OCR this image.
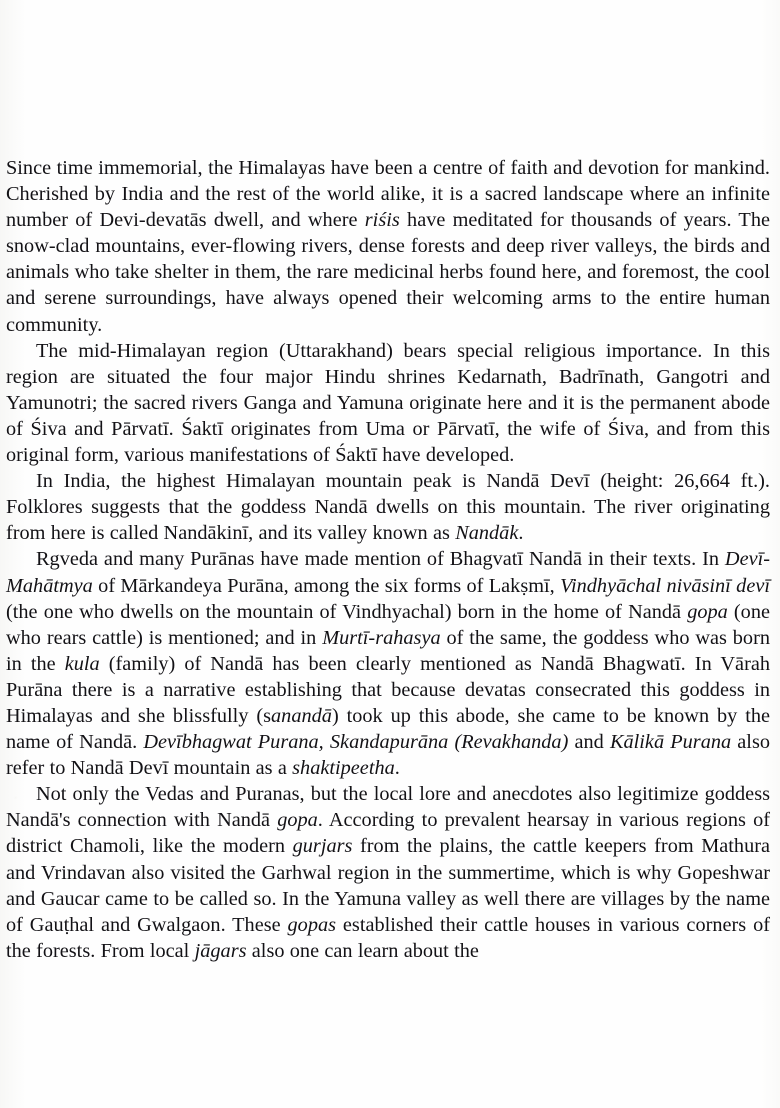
Since time immemorial, the Himalayas have been a centre of faith and devotion for mankind. Cherished by India and the rest of the world alike, it is a sacred landscape where an infinite number of Devi-devatās dwell, and where riśis have meditated for thousands of years. The snow-clad mountains, ever-flowing rivers, dense forests and deep river valleys, the birds and animals who take shelter in them, the rare medicinal herbs found here, and foremost, the cool and serene surroundings, have always opened their welcoming arms to the entire human community.

The mid-Himalayan region (Uttarakhand) bears special religious importance. In this region are situated the four major Hindu shrines Kedarnath, Badrīnath, Gangotri and Yamunotri; the sacred rivers Ganga and Yamuna originate here and it is the permanent abode of Śiva and Pārvatī. Śaktī originates from Uma or Pārvatī, the wife of Śiva, and from this original form, various manifestations of Śaktī have developed.

In India, the highest Himalayan mountain peak is Nandā Devī (height: 26,664 ft.). Folklores suggests that the goddess Nandā dwells on this mountain. The river originating from here is called Nandākinī, and its valley known as Nandāk.

Rgveda and many Purānas have made mention of Bhagvatī Nandā in their texts. In Devī-Mahātmya of Mārkandeya Purāna, among the six forms of Lakṣmī, Vindhyāchal nivāsinī devī (the one who dwells on the mountain of Vindhyachal) born in the home of Nandā gopa (one who rears cattle) is mentioned; and in Murtī-rahasya of the same, the goddess who was born in the kula (family) of Nandā has been clearly mentioned as Nandā Bhagwatī. In Vārah Purāna there is a narrative establishing that because devatas consecrated this goddess in Himalayas and she blissfully (sanandā) took up this abode, she came to be known by the name of Nandā. Devībhagwat Purana, Skandapurāna (Revakhanda) and Kālikā Purana also refer to Nandā Devī mountain as a shaktipeetha.

Not only the Vedas and Puranas, but the local lore and anecdotes also legitimize goddess Nandā's connection with Nandā gopa. According to prevalent hearsay in various regions of district Chamoli, like the modern gurjars from the plains, the cattle keepers from Mathura and Vrindavan also visited the Garhwal region in the summertime, which is why Gopeshwar and Gaucar came to be called so. In the Yamuna valley as well there are villages by the name of Gauṭhal and Gwalgaon. These gopas established their cattle houses in various corners of the forests. From local jāgars also one can learn about the
